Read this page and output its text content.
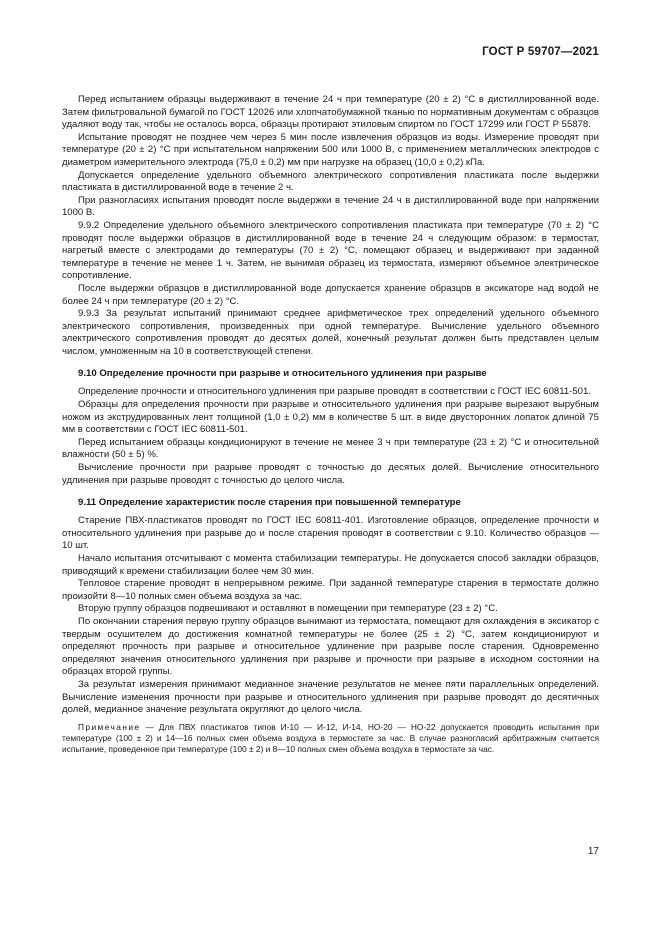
ГОСТ Р 59707—2021

Перед испытанием образцы выдерживают в течение 24 ч при температуре (20 ± 2) °С в дистиллированной воде. Затем фильтровальной бумагой по ГОСТ 12026 или хлопчатобумажной тканью по нормативным документам с образцов удаляют воду так, чтобы не осталось ворса, образцы протирают этиловым спиртом по ГОСТ 17299 или ГОСТ Р 55878.

Испытание проводят не позднее чем через 5 мин после извлечения образцов из воды. Измерение проводят при температуре (20 ± 2) °С при испытательном напряжении 500 или 1000 В, с применением металлических электродов с диаметром измерительного электрода (75,0 ± 0,2) мм при нагрузке на образец (10,0 ± 0,2) кПа.

Допускается определение удельного объемного электрического сопротивления пластиката после выдержки пластиката в дистиллированной воде в течение 2 ч.

При разногласиях испытания проводят после выдержки в течение 24 ч в дистиллированной воде при напряжении 1000 В.

9.9.2 Определение удельного объемного электрического сопротивления пластиката при температуре (70 ± 2) °С проводят после выдержки образцов в дистиллированной воде в течение 24 ч следующим образом: в термостат, нагретый вместе с электродами до температуры (70 ± 2) °С, помещают образец и выдерживают при заданной температуре в течение не менее 1 ч. Затем, не вынимая образец из термостата, измеряют объемное электрическое сопротивление.

После выдержки образцов в дистиллированной воде допускается хранение образцов в эксикаторе над водой не более 24 ч при температуре (20 ± 2) °С.

9.9.3 За результат испытаний принимают среднее арифметическое трех определений удельного объемного электрического сопротивления, произведенных при одной температуре. Вычисление удельного объемного электрического сопротивления проводят до десятых долей, конечный результат должен быть представлен целым числом, умноженным на 10 в соответствующей степени.

9.10 Определение прочности при разрыве и относительного удлинения при разрыве

Определение прочности и относительного удлинения при разрыве проводят в соответствии с ГОСТ IEC 60811-501.

Образцы для определения прочности при разрыве и относительного удлинения при разрыве вырезают вырубным ножом из экструдированных лент толщиной (1,0 ± 0,2) мм в количестве 5 шт. в виде двусторонних лопаток длиной 75 мм в соответствии с ГОСТ IEC 60811-501.

Перед испытанием образцы кондиционируют в течение не менее 3 ч при температуре (23 ± 2) °С и относительной влажности (50 ± 5) %.

Вычисление прочности при разрыве проводят с точностью до десятых долей. Вычисление относительного удлинения при разрыве проводят с точностью до целого числа.

9.11 Определение характеристик после старения при повышенной температуре

Старение ПВХ-пластикатов проводят по ГОСТ IEC 60811-401. Изготовление образцов, определение прочности и относительного удлинения при разрыве до и после старения проводят в соответствии с 9.10. Количество образцов — 10 шт.

Начало испытания отсчитывают с момента стабилизации температуры. Не допускается способ закладки образцов, приводящий к времени стабилизации более чем 30 мин.

Тепловое старение проводят в непрерывном режиме. При заданной температуре старения в термостате должно произойти 8—10 полных смен объема воздуха за час.

Вторую группу образцов подвешивают и оставляют в помещении при температуре (23 ± 2) °С.

По окончании старения первую группу образцов вынимают из термостата, помещают для охлаждения в эксикатор с твердым осушителем до достижения комнатной температуры не более (25 ± 2) °С, затем кондиционируют и определяют прочность при разрыве и относительное удлинение при разрыве после старения. Одновременно определяют значения относительного удлинения при разрыве и прочности при разрыве в исходном состоянии на образцах второй группы.

За результат измерения принимают медианное значение результатов не менее пяти параллельных определений. Вычисление изменения прочности при разрыве и относительного удлинения при разрыве проводят до десятичных долей, медианное значение результата округляют до целого числа.

Примечание — Для ПВХ пластикатов типов И-10 — И-12, И-14, НО-20 — НО-22 допускается проводить испытания при температуре (100 ± 2) и 14—16 полных смен объема воздуха в термостате за час. В случае разногласий арбитражным считается испытание, проведенное при температуре (100 ± 2) и 8—10 полных смен объема воздуха в термостате за час.
17
